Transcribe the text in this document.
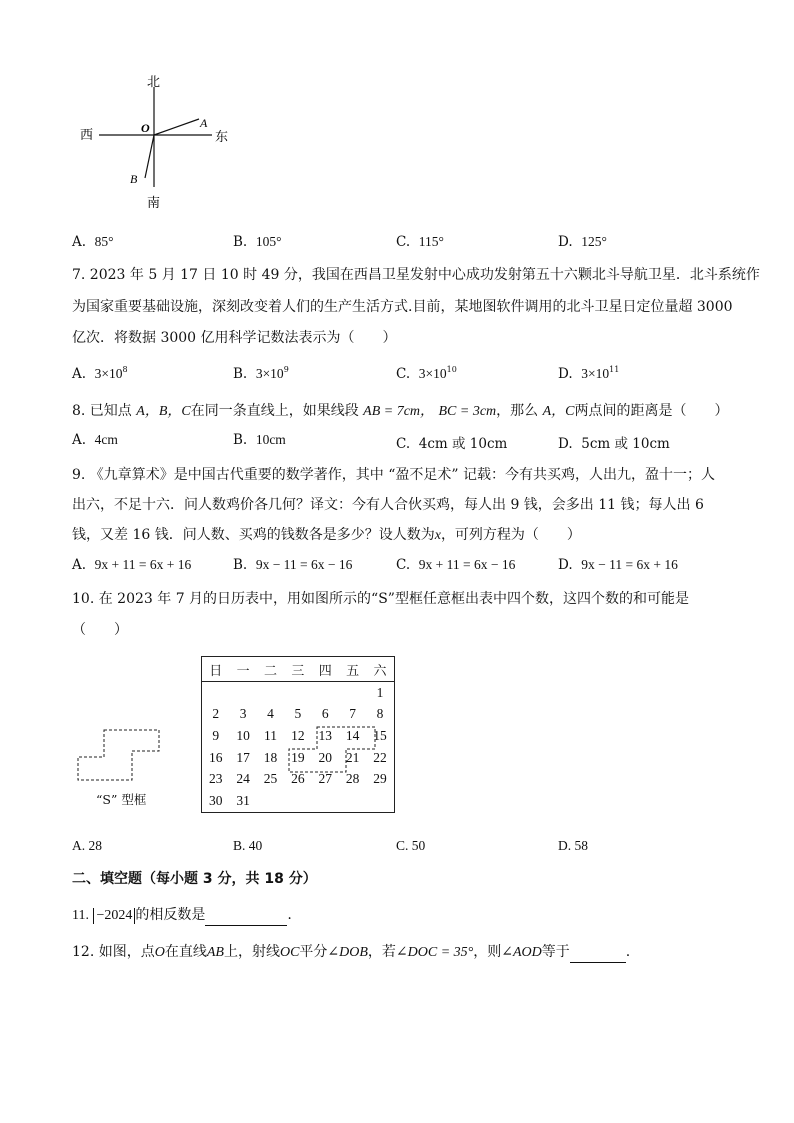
北
南
东
西	O	A
B
A. 85°	B. 105°	C. 115°	D. 125°
7. 2023 年 5 月 17 日 10 时 49 分，我国在西昌卫星发射中心成功发射第五十六颗北斗导航卫星．北斗系统作
为国家重要基础设施，深刻改变着人们的生产生活方式.目前，某地图软件调用的北斗卫星日定位量超 3000
亿次．将数据 3000 亿用科学记数法表示为（　　）
A. $3\times 10^8$	B. $3\times 10^9$	C. $3\times 10^{10}$	D. $3\times 10^{11}$
8. 已知点 A，B，C在同一条直线上，如果线段 AB = 7cm， BC = 3cm，那么 A，C两点间的距离是（　　）
A. 4cm	B. 10cm	C. 4cm 或 10cm	D. 5cm 或 10cm
9. 《九章算术》是中国古代重要的数学著作，其中 “盈不足术” 记载：今有共买鸡，人出九，盈十一；人
出六，不足十六．问人数鸡价各几何？译文：今有人合伙买鸡，每人出 9 钱，会多出 11 钱；每人出 6
钱，又差 16 钱．问人数、买鸡的钱数各是多少？设人数为x，可列方程为（　　）
A. 9x + 11 = 6x + 16	B. 9x − 11 = 6x − 16	C. 9x + 11 = 6x − 16	D. 9x − 11 = 6x + 16
10. 在 2023 年 7 月的日历表中，用如图所示的“S”型框任意框出表中四个数，这四个数的和可能是
（　　）
“S” 型框
日	一	二	三	四	五	六
						1
2	3	4	5	6	7	8
9	10	11	12	13	14	15
16	17	18	19	20	21	22
23	24	25	26	27	28	29
30	31					
A. 28	B. 40	C. 50	D. 58
二、填空题（每小题 3 分，共 18 分）
11. −2024 的相反数是	.
12. 如图，点O在直线AB上，射线OC平分∠DOB，若∠DOC = 35°，则∠AOD等于	.
